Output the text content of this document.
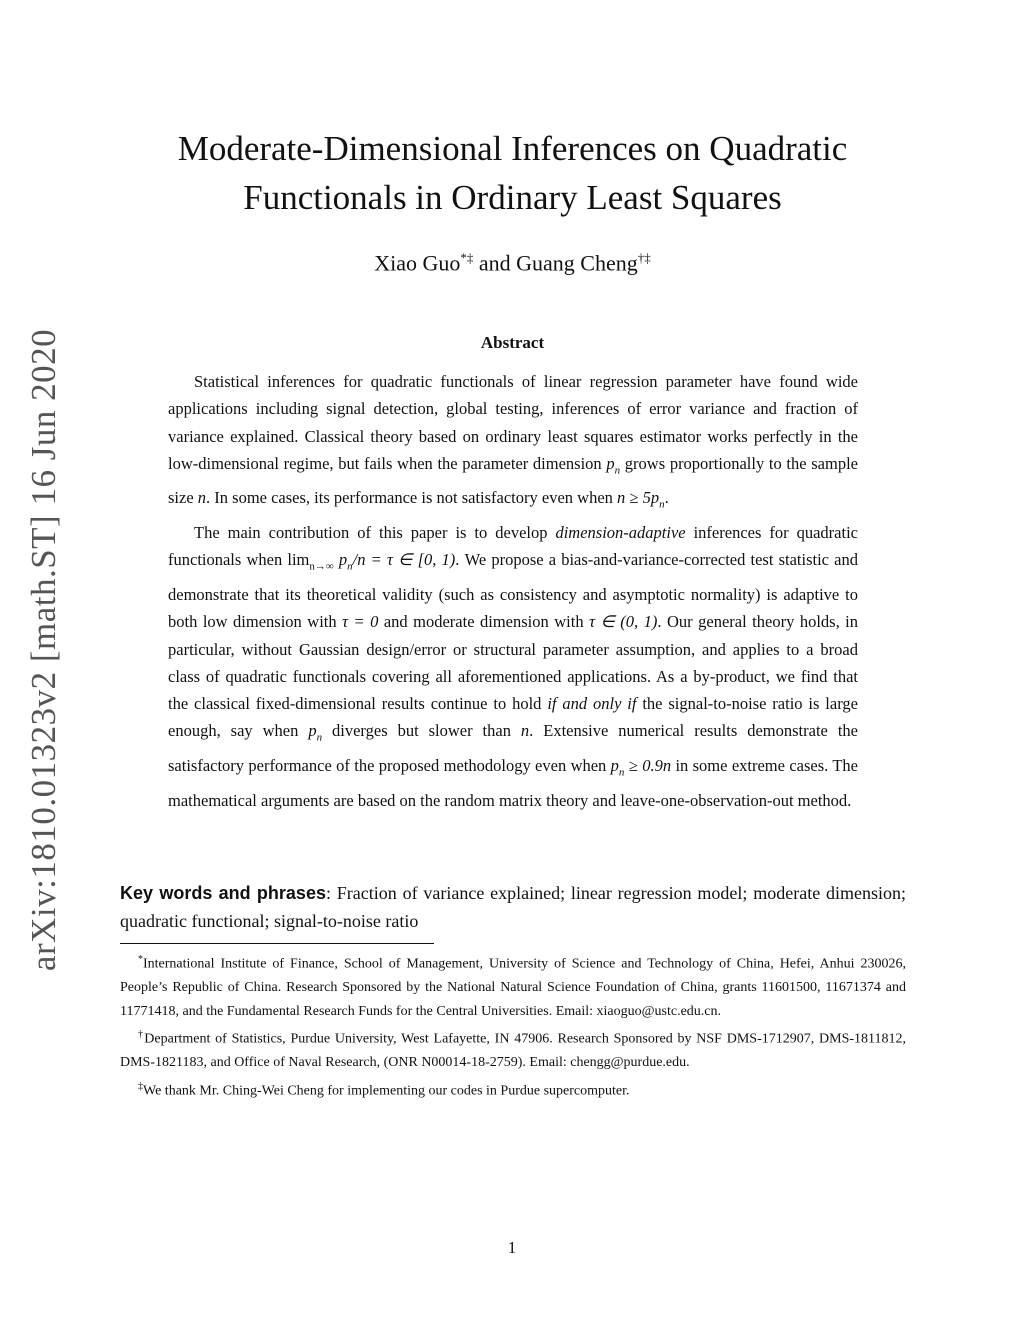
arXiv:1810.01323v2 [math.ST] 16 Jun 2020
Moderate-Dimensional Inferences on Quadratic
Functionals in Ordinary Least Squares
Xiao Guo*‡ and Guang Cheng†‡
Abstract

Statistical inferences for quadratic functionals of linear regression parameter have found wide applications including signal detection, global testing, inferences of error variance and fraction of variance explained. Classical theory based on ordinary least squares estimator works perfectly in the low-dimensional regime, but fails when the parameter dimension $p_n$ grows proportionally to the sample size n. In some cases, its performance is not satisfactory even when $n \ge 5p_n$.

The main contribution of this paper is to develop dimension-adaptive inferences for quadratic functionals when $\lim_{n\to\infty} p_n/n = \tau$ ∈ [0, 1). We propose a bias-and-variance-corrected test statistic and demonstrate that its theoretical validity (such as consistency and asymptotic normality) is adaptive to both low dimension with τ = 0 and moderate dimension with τ ∈ (0, 1). Our general theory holds, in particular, without Gaussian design/error or structural parameter assumption, and applies to a broad class of quadratic functionals covering all aforementioned applications. As a by-product, we find that the classical fixed-dimensional results continue to hold if and only if the signal-to-noise ratio is large enough, say when $p_n$ diverges but slower than n. Extensive numerical results demonstrate the satisfactory performance of the proposed methodology even when $p_n \ge 0.9n$ in some extreme cases. The mathematical arguments are based on the random matrix theory and leave-one-observation-out method.

Key words and phrases: Fraction of variance explained; linear regression model; moderate dimension; quadratic functional; signal-to-noise ratio

*International Institute of Finance, School of Management, University of Science and Technology of China, Hefei, Anhui 230026, People’s Republic of China. Research Sponsored by the National Natural Science Foundation of China, grants 11601500, 11671374 and 11771418, and the Fundamental Research Funds for the Central Universities. Email: xiaoguo@ustc.edu.cn.

†Department of Statistics, Purdue University, West Lafayette, IN 47906. Research Sponsored by NSF DMS-1712907, DMS-1811812, DMS-1821183, and Office of Naval Research, (ONR N00014-18-2759). Email: chengg@purdue.edu.

‡We thank Mr. Ching-Wei Cheng for implementing our codes in Purdue supercomputer.

1
